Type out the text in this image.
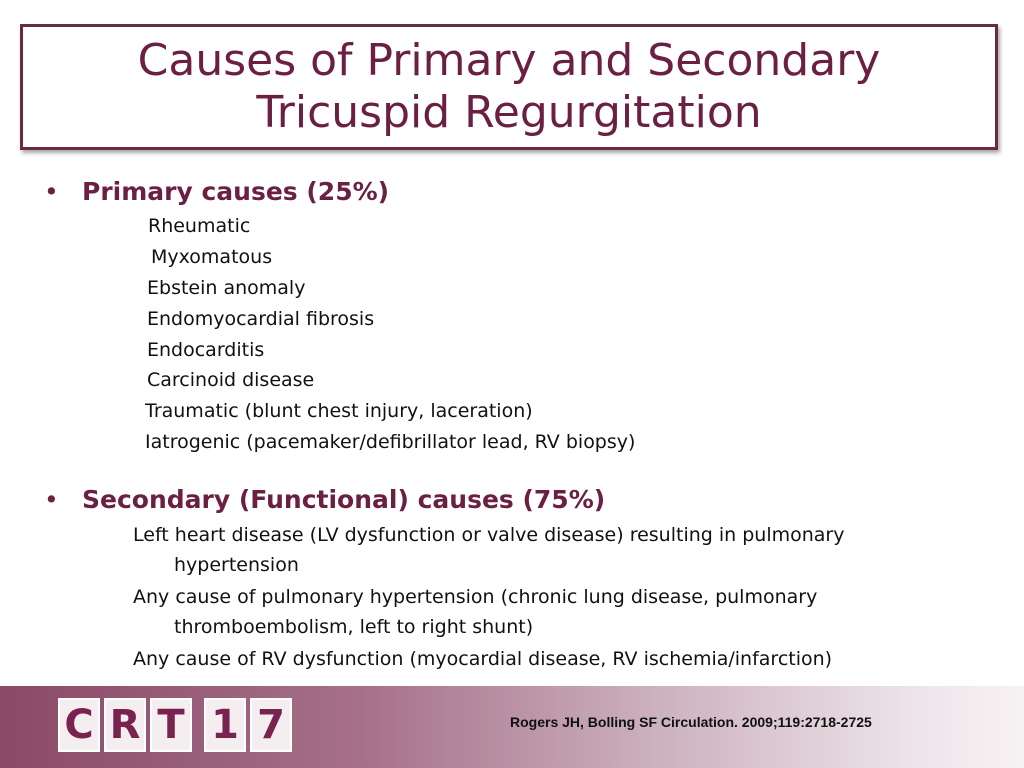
Causes of Primary and Secondary
Tricuspid Regurgitation
• Primary causes (25%)
Rheumatic
Myxomatous
Ebstein anomaly
Endomyocardial fibrosis
Endocarditis
Carcinoid disease
Traumatic (blunt chest injury, laceration)
Iatrogenic (pacemaker/defibrillator lead, RV biopsy)
• Secondary (Functional) causes (75%)
Left heart disease (LV dysfunction or valve disease) resulting in pulmonary
hypertension
Any cause of pulmonary hypertension (chronic lung disease, pulmonary
thromboembolism, left to right shunt)
Any cause of RV dysfunction (myocardial disease, RV ischemia/infarction)
C R T 1 7	Rogers JH, Bolling SF Circulation. 2009;119:2718-2725
